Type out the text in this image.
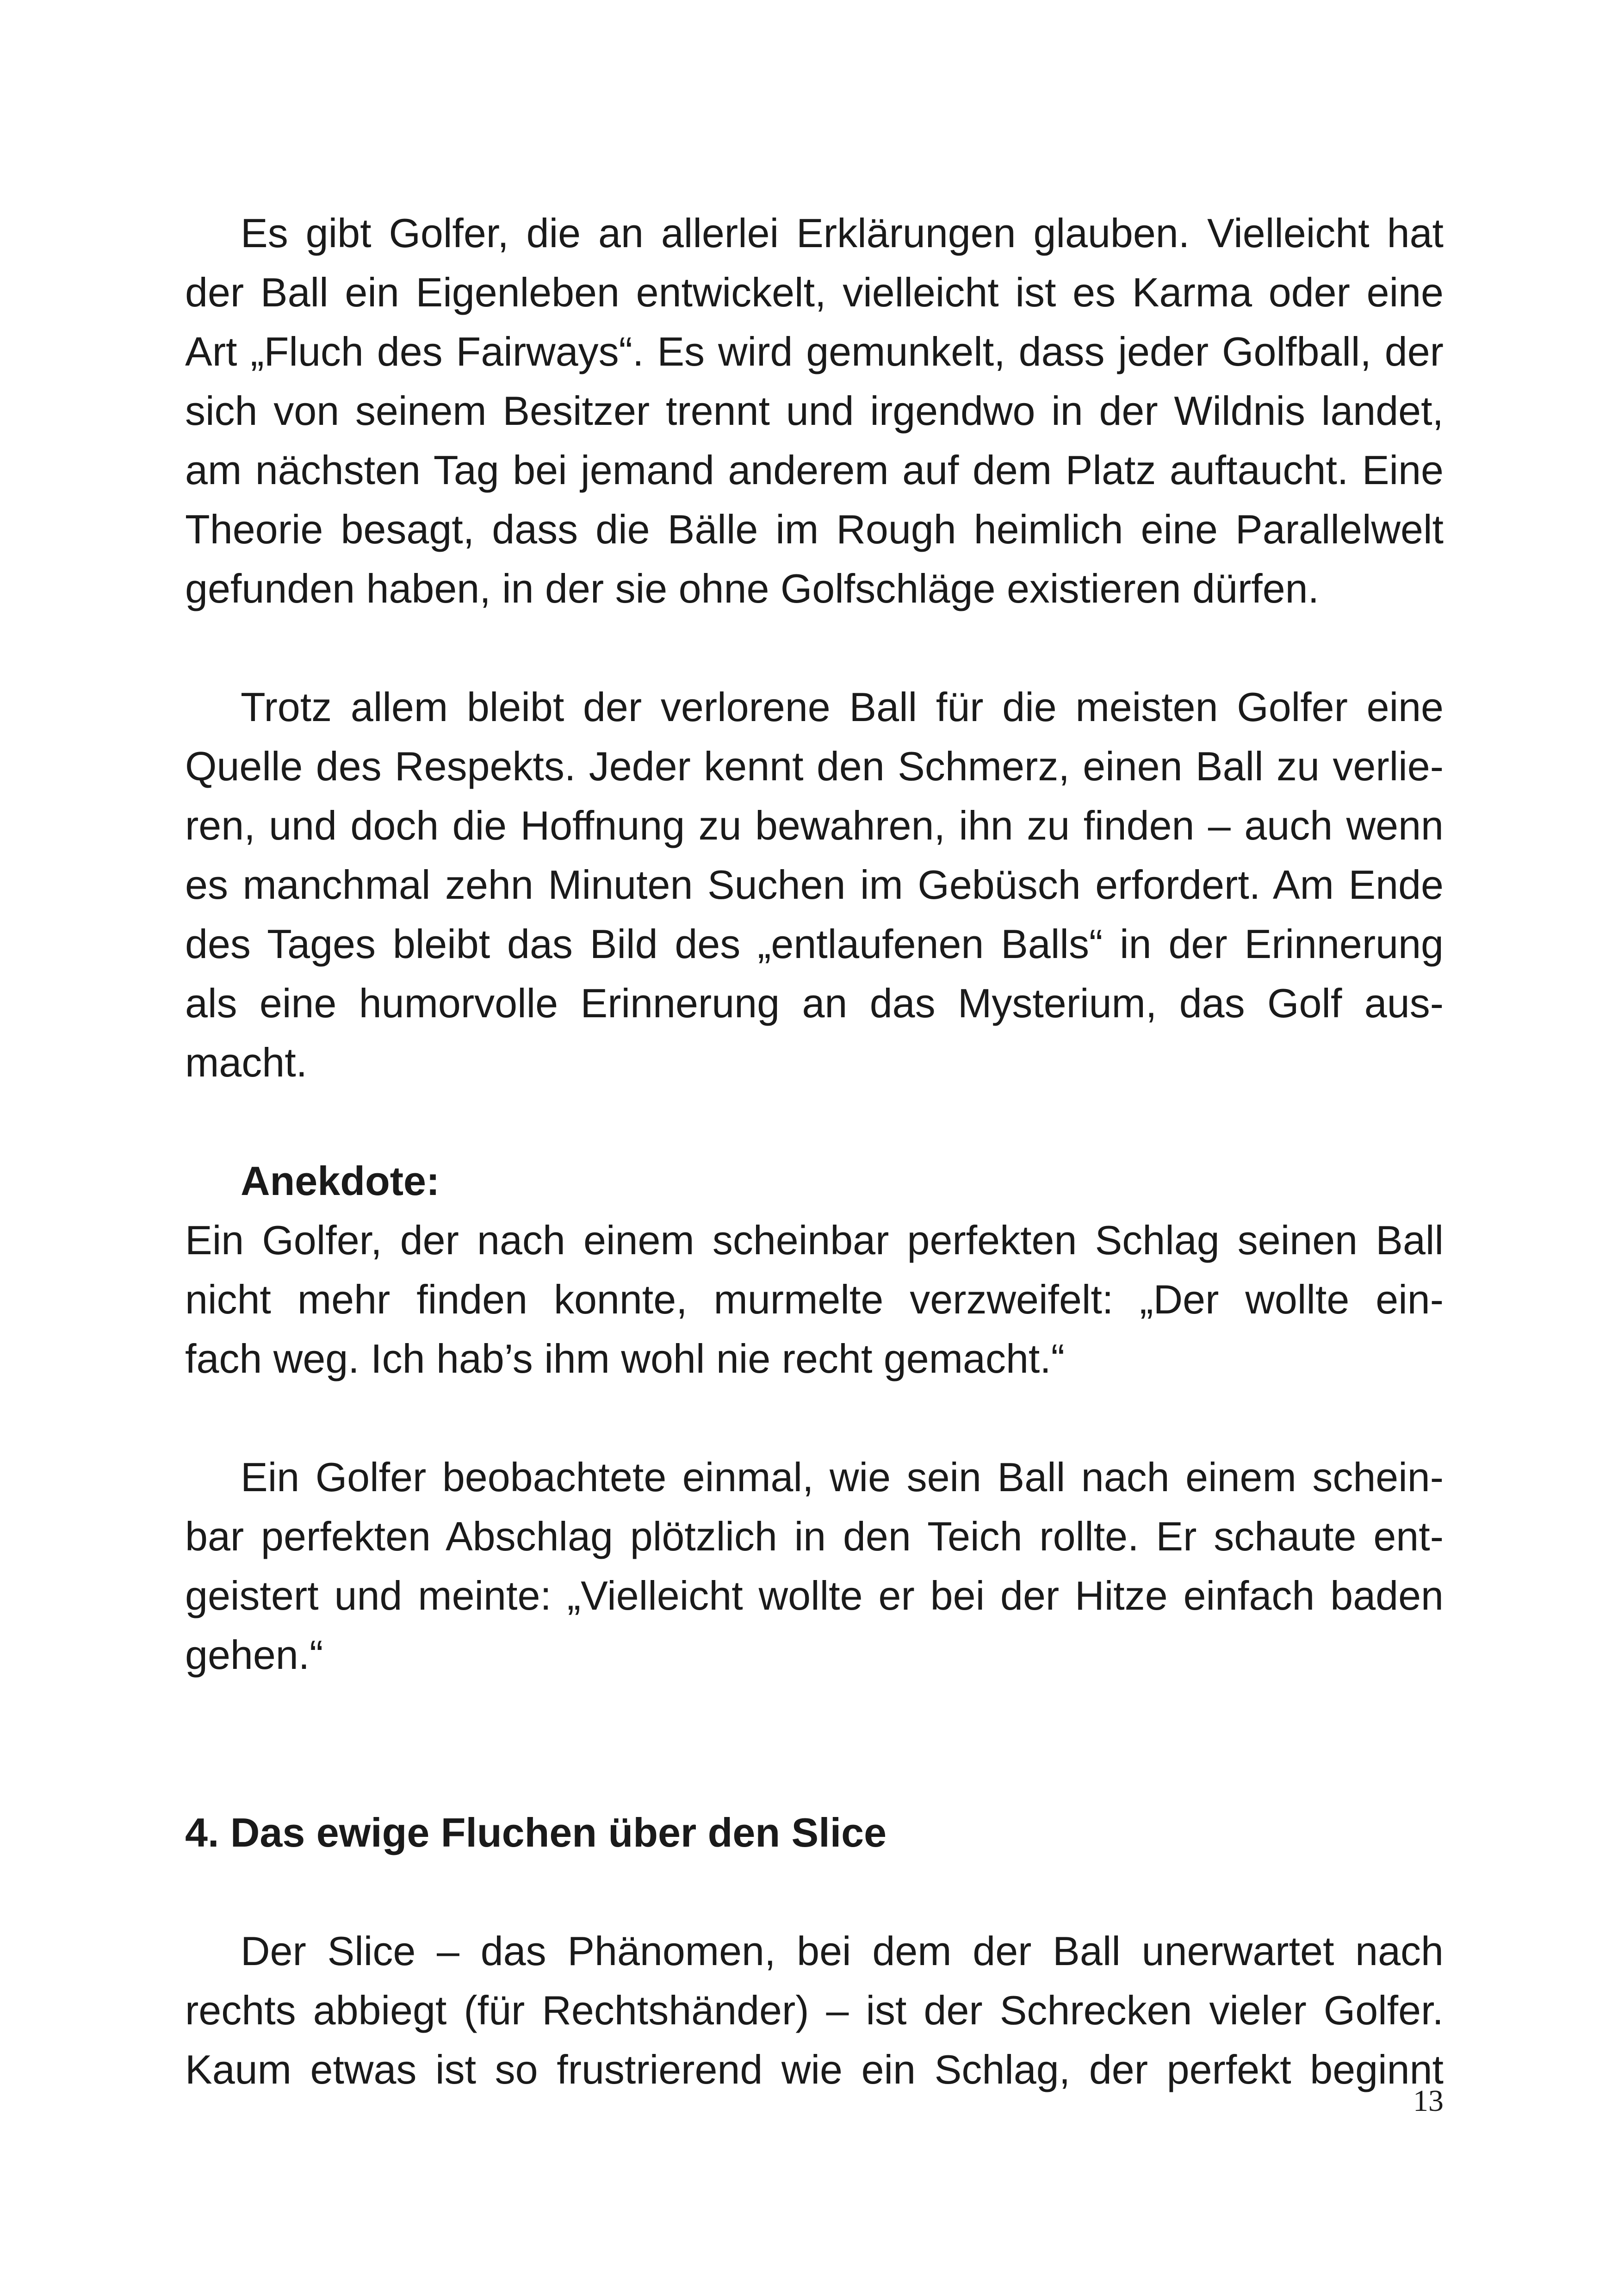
Es gibt Golfer, die an allerlei Erklärungen glauben. Vielleicht hat
der Ball ein Eigenleben entwickelt, vielleicht ist es Karma oder eine
Art „Fluch des Fairways“. Es wird gemunkelt, dass jeder Golfball, der
sich von seinem Besitzer trennt und irgendwo in der Wildnis landet,
am nächsten Tag bei jemand anderem auf dem Platz auftaucht. Eine
Theorie besagt, dass die Bälle im Rough heimlich eine Parallelwelt
gefunden haben, in der sie ohne Golfschläge existieren dürfen.
Trotz allem bleibt der verlorene Ball für die meisten Golfer eine
Quelle des Respekts. Jeder kennt den Schmerz, einen Ball zu verlie-
ren, und doch die Hoffnung zu bewahren, ihn zu finden – auch wenn
es manchmal zehn Minuten Suchen im Gebüsch erfordert. Am Ende
des Tages bleibt das Bild des „entlaufenen Balls“ in der Erinnerung
als eine humorvolle Erinnerung an das Mysterium, das Golf aus-
macht.
Anekdote:
Ein Golfer, der nach einem scheinbar perfekten Schlag seinen Ball
nicht mehr finden konnte, murmelte verzweifelt: „Der wollte ein-
fach weg. Ich hab’s ihm wohl nie recht gemacht.“
Ein Golfer beobachtete einmal, wie sein Ball nach einem schein-
bar perfekten Abschlag plötzlich in den Teich rollte. Er schaute ent-
geistert und meinte: „Vielleicht wollte er bei der Hitze einfach baden
gehen.“
4. Das ewige Fluchen über den Slice
Der Slice – das Phänomen, bei dem der Ball unerwartet nach
rechts abbiegt (für Rechtshänder) – ist der Schrecken vieler Golfer.
Kaum etwas ist so frustrierend wie ein Schlag, der perfekt beginnt
13
